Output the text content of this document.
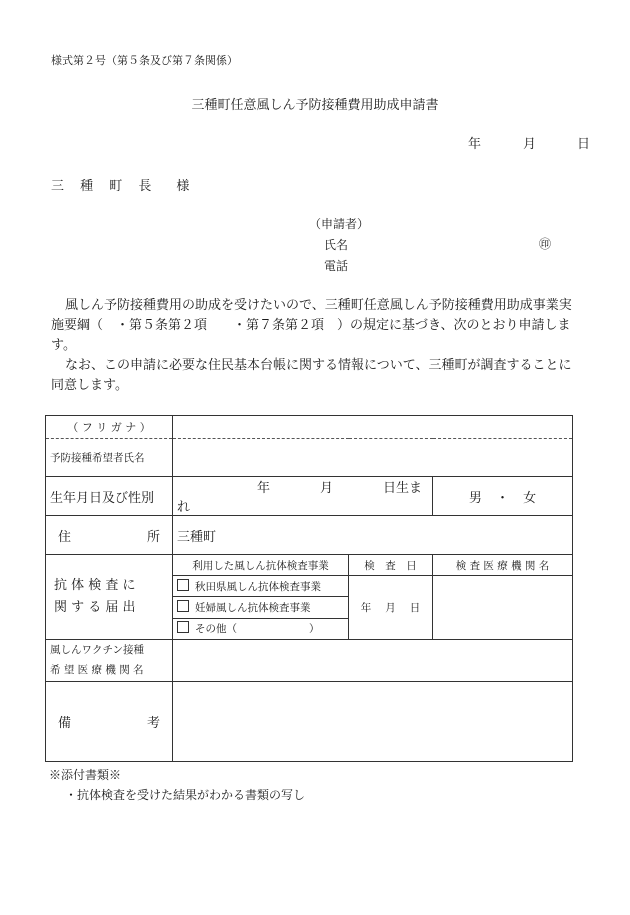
様式第２号（第５条及び第７条関係）
三種町任意風しん予防接種費用助成申請書
年	月	日
三 種 町 長　様
（申請者）
氏名	㊞
電話

風しん予防接種費用の助成を受けたいので、三種町任意風しん予防接種費用助成事業実

施要綱（　・第５条第２項　　・第７条第２項　）の規定に基づき、次のとおり申請しま

す。

なお、この申請に必要な住民基本台帳に関する情報について、三種町が調査することに

同意します。

（ フ リ ガ ナ ）			
予防接種希望者氏名			
生年月日及び性別	年 月 日生まれ		男 ・ 女

住 所	三種町		

抗 体 検 査 に
関 す る 届 出	利用した風しん抗体検査事業	検　査　日	検 査 医 療 機 関 名
	秋田県風しん抗体検査事業	年 月 日	
	妊婦風しん抗体検査事業		
	その他（ ）		

風しんワクチン接種
希 望 医 療 機 関 名			

備 考			

※添付書類※
・抗体検査を受けた結果がわかる書類の写し
